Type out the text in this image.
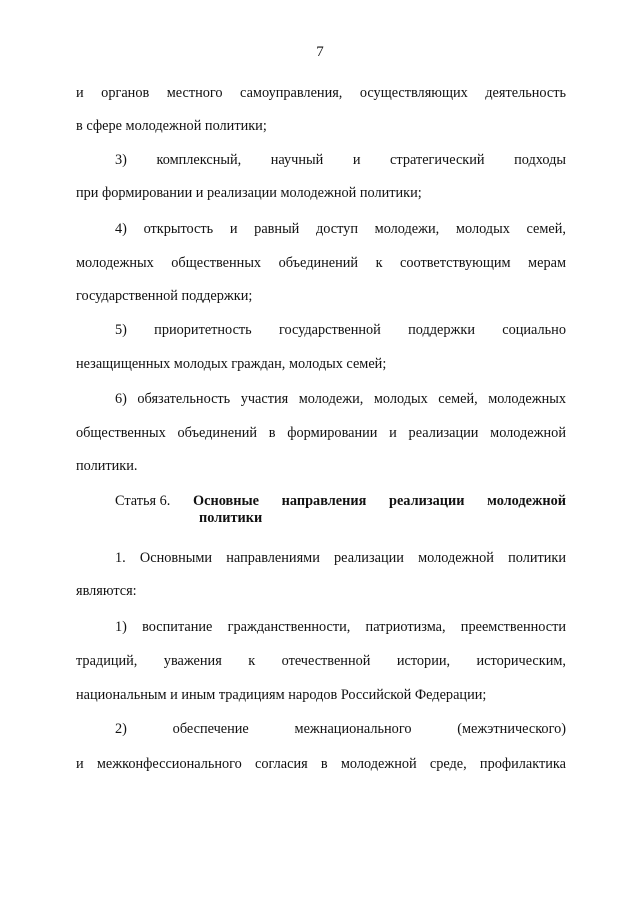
7
и органов местного самоуправления, осуществляющих деятельность
в сфере молодежной политики;
3) комплексный, научный и стратегический подходы
при формировании и реализации молодежной политики;
4) открытость и равный доступ молодежи, молодых семей,
молодежных общественных объединений к соответствующим мерам
государственной поддержки;
5) приоритетность государственной поддержки социально
незащищенных молодых граждан, молодых семей;
6) обязательность участия молодежи, молодых семей, молодежных
общественных объединений в формировании и реализации молодежной
политики.
Статья 6. Основные направления реализации молодежной
политики
1. Основными направлениями реализации молодежной политики
являются:
1) воспитание гражданственности, патриотизма, преемственности
традиций, уважения к отечественной истории, историческим,
национальным и иным традициям народов Российской Федерации;
2) обеспечение межнационального (межэтнического)
и межконфессионального согласия в молодежной среде, профилактика
